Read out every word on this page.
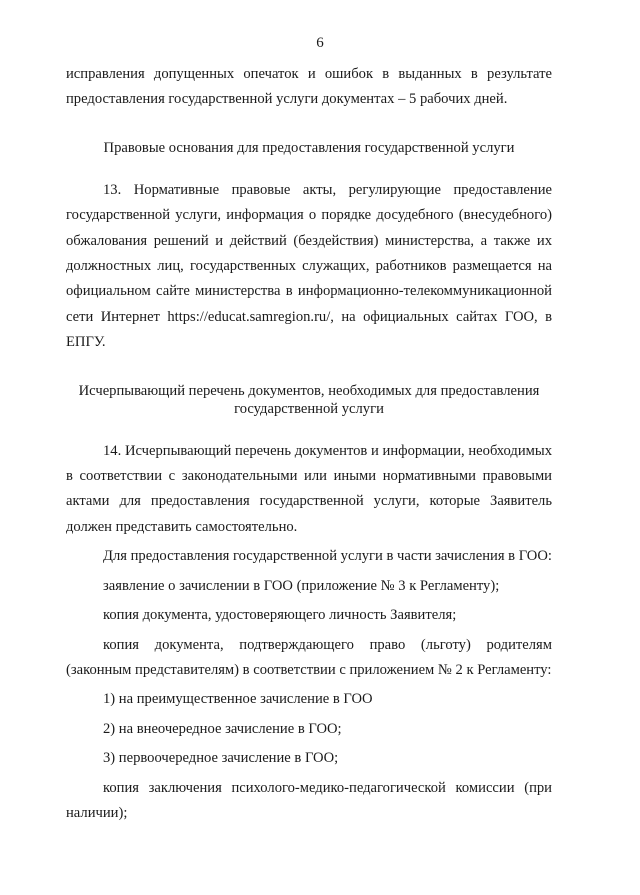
6

исправления допущенных опечаток и ошибок в выданных в результате предоставления государственной услуги документах – 5 рабочих дней.

Правовые основания для предоставления государственной услуги

13. Нормативные правовые акты, регулирующие предоставление государственной услуги, информация о порядке досудебного (внесудебного) обжалования решений и действий (бездействия) министерства, а также их должностных лиц, государственных служащих, работников размещается на официальном сайте министерства в информационно-телекоммуникационной сети Интернет https://educat.samregion.ru/, на официальных сайтах ГОО, в ЕПГУ.

Исчерпывающий перечень документов, необходимых для предоставления

государственной услуги

14. Исчерпывающий перечень документов и информации, необходимых в соответствии с законодательными или иными нормативными правовыми актами для предоставления государственной услуги, которые Заявитель должен представить самостоятельно.

Для предоставления государственной услуги в части зачисления в ГОО:

заявление о зачислении в ГОО (приложение № 3 к Регламенту);

копия документа, удостоверяющего личность Заявителя;

копия документа, подтверждающего право (льготу) родителям (законным представителям) в соответствии с приложением № 2 к Регламенту:

1) на преимущественное зачисление в ГОО

2) на внеочередное зачисление в ГОО;

3) первоочередное зачисление в ГОО;

копия заключения психолого-медико-педагогической комиссии (при наличии);
